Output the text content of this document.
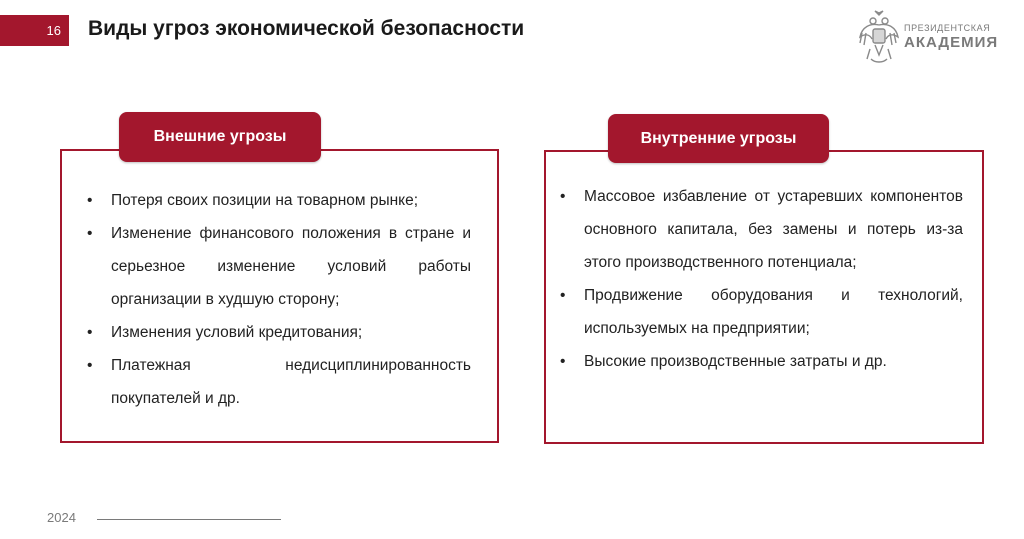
16 Виды угроз экономической безопасности	ПРЕЗИДЕНТСКАЯ
АКАДЕМИЯ
Внешние угрозы
• Потеря своих позиции на товарном рынке;
• Изменение финансового положения в стране и серьезное изменение условий работы организации в худшую сторону;
• Изменения условий кредитования;
• Платежная недисциплинированность покупателей и др.
Внутренние угрозы
• Массовое избавление от устаревших компонентов основного капитала, без замены и потерь из-за этого производственного потенциала;
• Продвижение оборудования и технологий, используемых на предприятии;
• Высокие производственные затраты и др.
2024
